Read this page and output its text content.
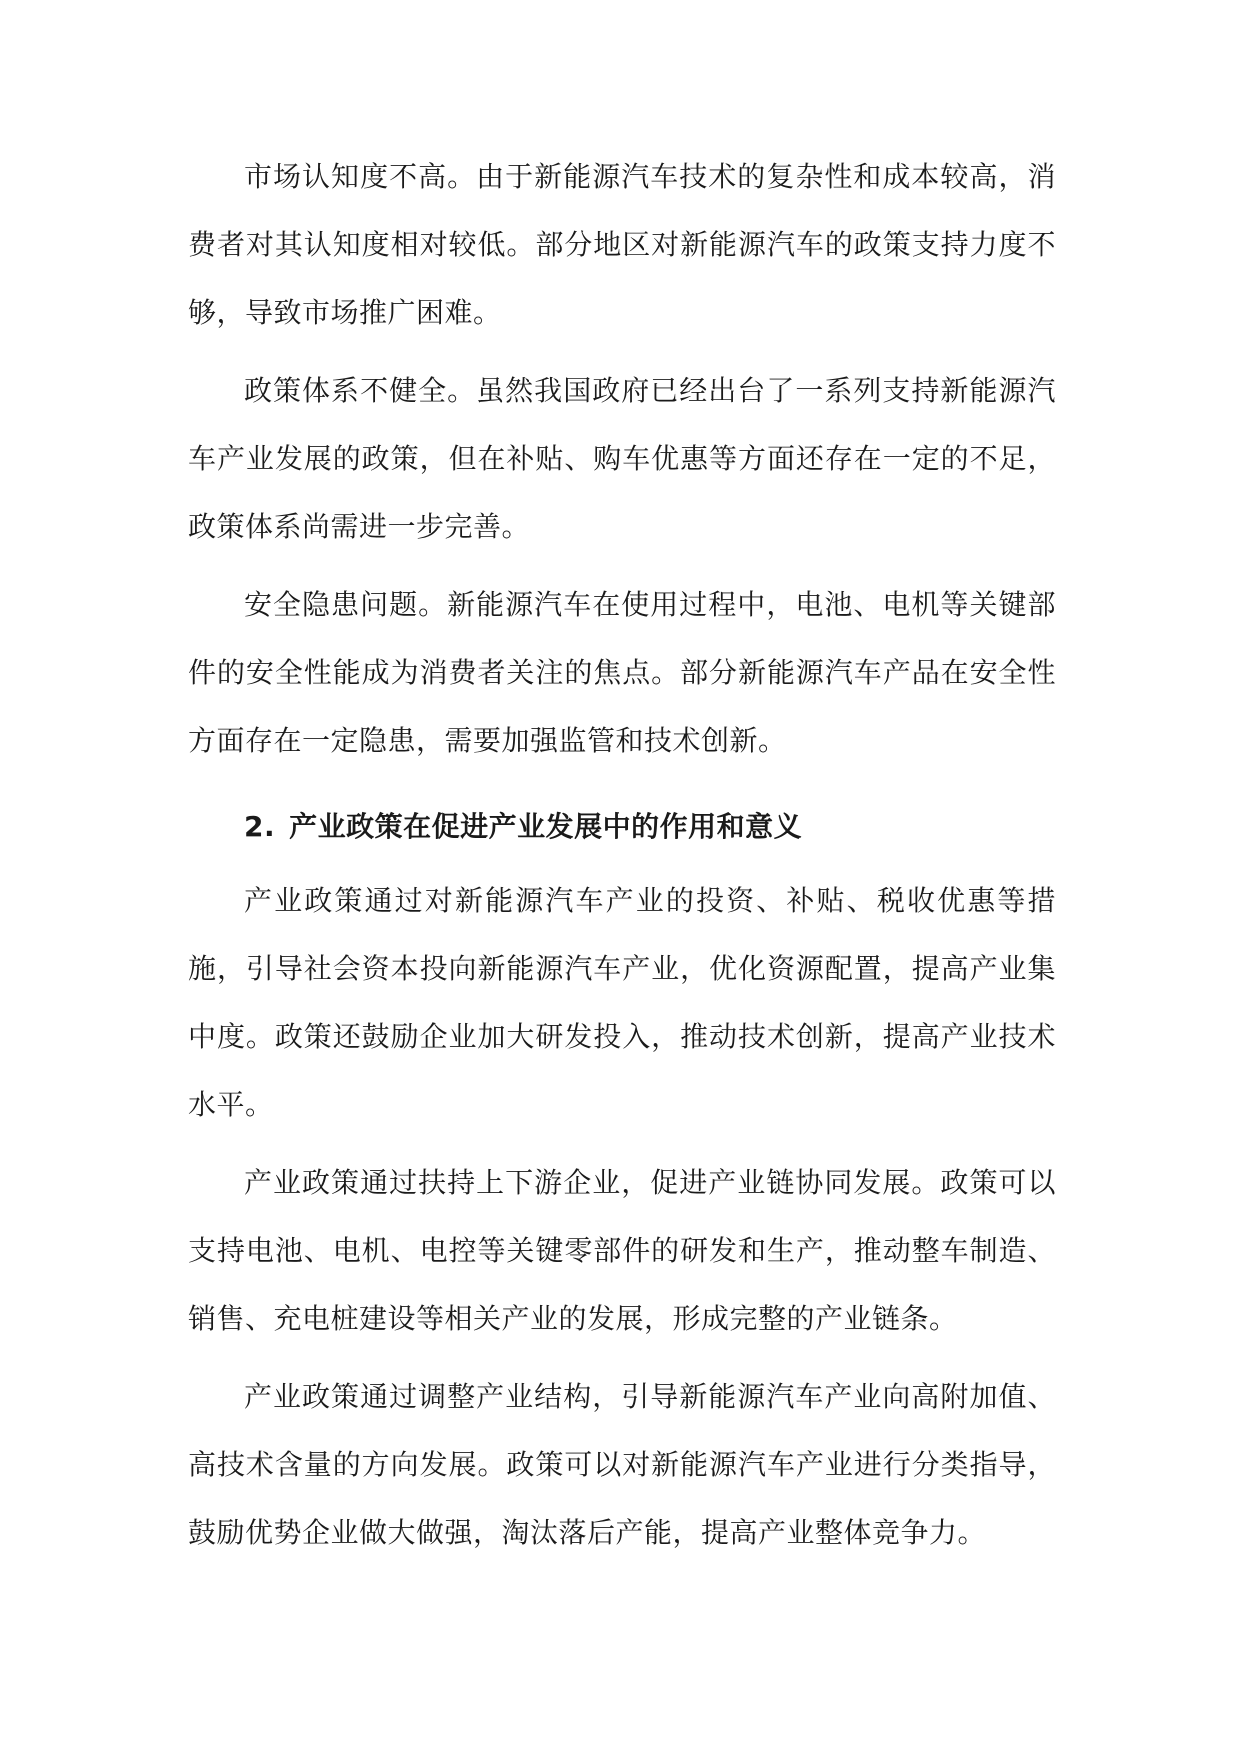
市场认知度不高。由于新能源汽车技术的复杂性和成本较高，消费者对其认知度相对较低。部分地区对新能源汽车的政策支持力度不够，导致市场推广困难。

政策体系不健全。虽然我国政府已经出台了一系列支持新能源汽车产业发展的政策，但在补贴、购车优惠等方面还存在一定的不足，政策体系尚需进一步完善。

安全隐患问题。新能源汽车在使用过程中，电池、电机等关键部件的安全性能成为消费者关注的焦点。部分新能源汽车产品在安全性方面存在一定隐患，需要加强监管和技术创新。

2. 产业政策在促进产业发展中的作用和意义

产业政策通过对新能源汽车产业的投资、补贴、税收优惠等措施，引导社会资本投向新能源汽车产业，优化资源配置，提高产业集中度。政策还鼓励企业加大研发投入，推动技术创新，提高产业技术水平。

产业政策通过扶持上下游企业，促进产业链协同发展。政策可以支持电池、电机、电控等关键零部件的研发和生产，推动整车制造、销售、充电桩建设等相关产业的发展，形成完整的产业链条。

产业政策通过调整产业结构，引导新能源汽车产业向高附加值、高技术含量的方向发展。政策可以对新能源汽车产业进行分类指导，鼓励优势企业做大做强，淘汰落后产能，提高产业整体竞争力。
